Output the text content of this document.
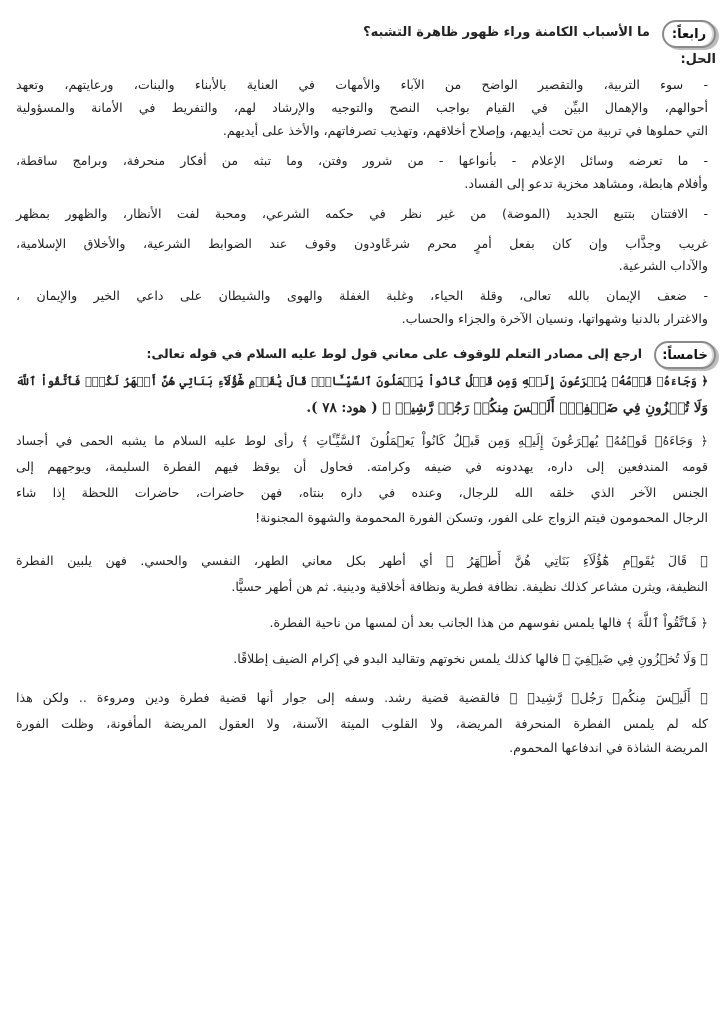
رابعاً:
ما الأسباب الكامنة وراء ظهور ظاهرة التشبه؟
الحل:
- سوء التربية، والتقصير الواضح من الآباء والأمهات في العناية بالأبناء والبنات، ورعايتهم، وتعهد
أحوالهم، والإهمال البيِّن في القيام بواجب النصح والتوجيه والإرشاد لهم، والتفريط في الأمانة والمسؤولية
التي حملوها في تربية من تحت أيديهم، وإصلاح أخلاقهم، وتهذيب تصرفاتهم، والأخذ على أيديهم.
- ما تعرضه وسائل الإعلام - بأنواعها - من شرور وفتن، وما تبثه من أفكار منحرفة، وبرامج ساقطة،
وأفلام هابطة، ومشاهد مخزية تدعو إلى الفساد.
- الافتتان بتتبع الجديد (الموضة) من غير نظر في حكمه الشرعي، ومحبة لفت الأنظار، والظهور بمظهر
غريب وجذَّاب وإن كان بفعل أمرٍ محرم شرعًاودون وقوف عند الضوابط الشرعية، والأخلاق الإسلامية،
والآداب الشرعية.
- ضعف الإيمان بالله تعالى، وقلة الحياء، وغلبة الغفلة والهوى والشيطان على داعي الخير والإيمان ،
والاغترار بالدنيا وشهواتها، ونسيان الآخرة والجزاء والحساب.
خامساً:
ارجع إلى مصادر التعلم للوقوف على معاني قول لوط عليه السلام في قوله تعالى:
﴿ وَجَاءَهُۥ قَوۡمُهُۥ يُهۡرَعُونَ إِلَيۡهِ وَمِن قَبۡلُ كَانُواْ يَعۡمَلُونَ ٱلسَّيِّـَٔاتِۚ قَالَ يَٰقَوۡمِ هَٰٓؤُلَآءِ بَنَاتِي هُنَّ أَطۡهَرُ لَكُمۡۖ فَٱتَّقُواْ ٱللَّهَ
وَلَا تُخۡزُونِ فِي ضَيۡفِيٓۖ أَلَيۡسَ مِنكُمۡ رَجُلٞ رَّشِيدٞ ﴾ ( هود: ٧٨ ).
﴿ وَجَاءَهُۥ قَوۡمُهُۥ يُهۡرَعُونَ إِلَيۡهِ وَمِن قَبۡلُ كَانُواْ يَعۡمَلُونَ ٱلسَّيِّـَٔاتِ ﴾ رأى لوط عليه السلام ما يشبه الحمى في أجساد
قومه المندفعين إلى داره، يهددونه في ضيفه وكرامته. فحاول أن يوقظ فيهم الفطرة السليمة، ويوجههم إلى
الجنس الآخر الذي خلقه الله للرجال، وعنده في داره بنتاه، فهن حاضرات، حاضرات اللحظة إذا شاء
الرجال المحمومون فيتم الزواج على الفور، وتسكن الفورة المحمومة والشهوة المجنونة!
﴿ قَالَ يَٰقَوۡمِ هَٰٓؤُلَآءِ بَنَاتِي هُنَّ أَطۡهَرُ ﴾ أي أطهر بكل معاني الطهر، النفسي والحسي. فهن يلبين الفطرة
النظيفة، ويثرن مشاعر كذلك نظيفة. نظافة فطرية ونظافة أخلاقية ودينية. ثم هن أطهر حسيًّا.
﴿ فَٱتَّقُواْ ٱللَّهَ ﴾ فالها يلمس نفوسهم من هذا الجانب بعد أن لمسها من ناحية الفطرة.
﴿ وَلَا تُخۡزُونِ فِي ضَيۡفِيٓ ﴾ فالها كذلك يلمس نخوتهم وتقاليد البدو في إكرام الضيف إطلاقًا.
﴿ أَلَيۡسَ مِنكُمۡ رَجُلٞ رَّشِيدٞ ﴾ فالقضية قضية رشد. وسفه إلى جوار أنها قضية فطرة ودين ومروءة .. ولكن هذا
كله لم يلمس الفطرة المنحرفة المريضة، ولا القلوب الميتة الآسنة، ولا العقول المريضة المأفونة، وظلت الفورة
المريضة الشاذة في اندفاعها المحموم.
